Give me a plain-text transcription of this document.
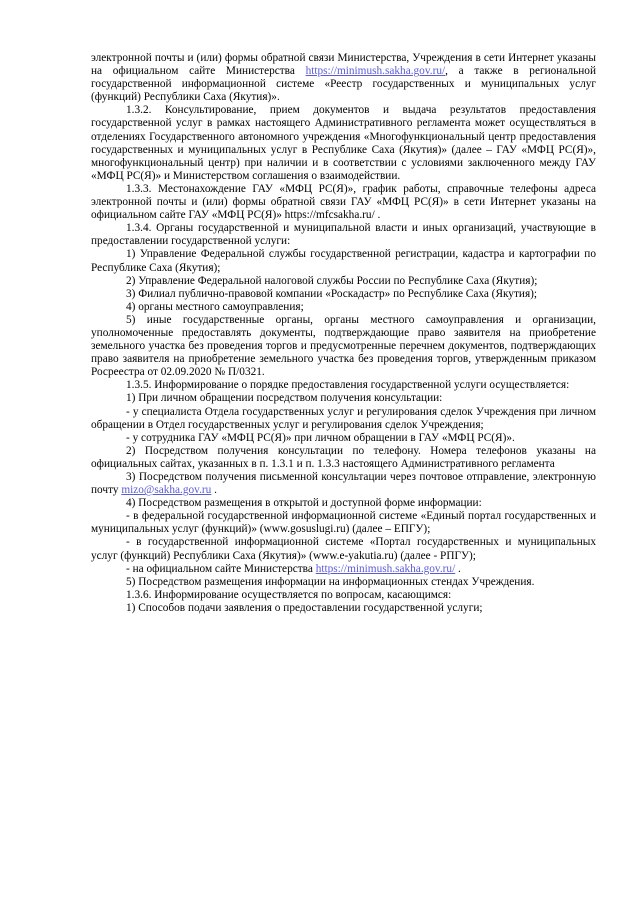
электронной почты и (или) формы обратной связи Министерства, Учреждения в сети Интернет указаны на официальном сайте Министерства https://minimush.sakha.gov.ru/, а также в региональной государственной информационной системе «Реестр государственных и муниципальных услуг (функций) Республики Саха (Якутия)».

1.3.2. Консультирование, прием документов и выдача результатов предоставления государственной услуг в рамках настоящего Административного регламента может осуществляться в отделениях Государственного автономного учреждения «Многофункциональный центр предоставления государственных и муниципальных услуг в Республике Саха (Якутия)» (далее – ГАУ «МФЦ РС(Я)», многофункциональный центр) при наличии и в соответствии с условиями заключенного между ГАУ «МФЦ РС(Я)» и Министерством соглашения о взаимодействии.

1.3.3. Местонахождение ГАУ «МФЦ РС(Я)», график работы, справочные телефоны адреса электронной почты и (или) формы обратной связи ГАУ «МФЦ РС(Я)» в сети Интернет указаны на официальном сайте ГАУ «МФЦ РС(Я)» https://mfcsakha.ru/ .

1.3.4. Органы государственной и муниципальной власти и иных организаций, участвующие в предоставлении государственной услуги:

1) Управление Федеральной службы государственной регистрации, кадастра и картографии по Республике Саха (Якутия);

2) Управление Федеральной налоговой службы России по Республике Саха (Якутия);

3) Филиал публично-правовой компании «Роскадастр» по Республике Саха (Якутия);

4) органы местного самоуправления;

5) иные государственные органы, органы местного самоуправления и организации, уполномоченные предоставлять документы, подтверждающие право заявителя на приобретение земельного участка без проведения торгов и предусмотренные перечнем документов, подтверждающих право заявителя на приобретение земельного участка без проведения торгов, утвержденным приказом Росреестра от 02.09.2020 № П/0321.

1.3.5. Информирование о порядке предоставления государственной услуги осуществляется:

1) При личном обращении посредством получения консультации:

- у специалиста Отдела государственных услуг и регулирования сделок Учреждения при личном обращении в Отдел государственных услуг и регулирования сделок Учреждения;

- у сотрудника ГАУ «МФЦ РС(Я)» при личном обращении в ГАУ «МФЦ РС(Я)».

2) Посредством получения консультации по телефону. Номера телефонов указаны на официальных сайтах, указанных в п. 1.3.1 и п. 1.3.3 настоящего Административного регламента

3) Посредством получения письменной консультации через почтовое отправление, электронную почту mizo@sakha.gov.ru .

4) Посредством размещения в открытой и доступной форме информации:

- в федеральной государственной информационной системе «Единый портал государственных и муниципальных услуг (функций)» (www.gosuslugi.ru) (далее – ЕПГУ);

- в государственной информационной системе «Портал государственных и муниципальных услуг (функций) Республики Саха (Якутия)» (www.e-yakutia.ru) (далее - РПГУ);

- на официальном сайте Министерства https://minimush.sakha.gov.ru/ .

5) Посредством размещения информации на информационных стендах Учреждения.

1.3.6. Информирование осуществляется по вопросам, касающимся:

1) Способов подачи заявления о предоставлении государственной услуги;
